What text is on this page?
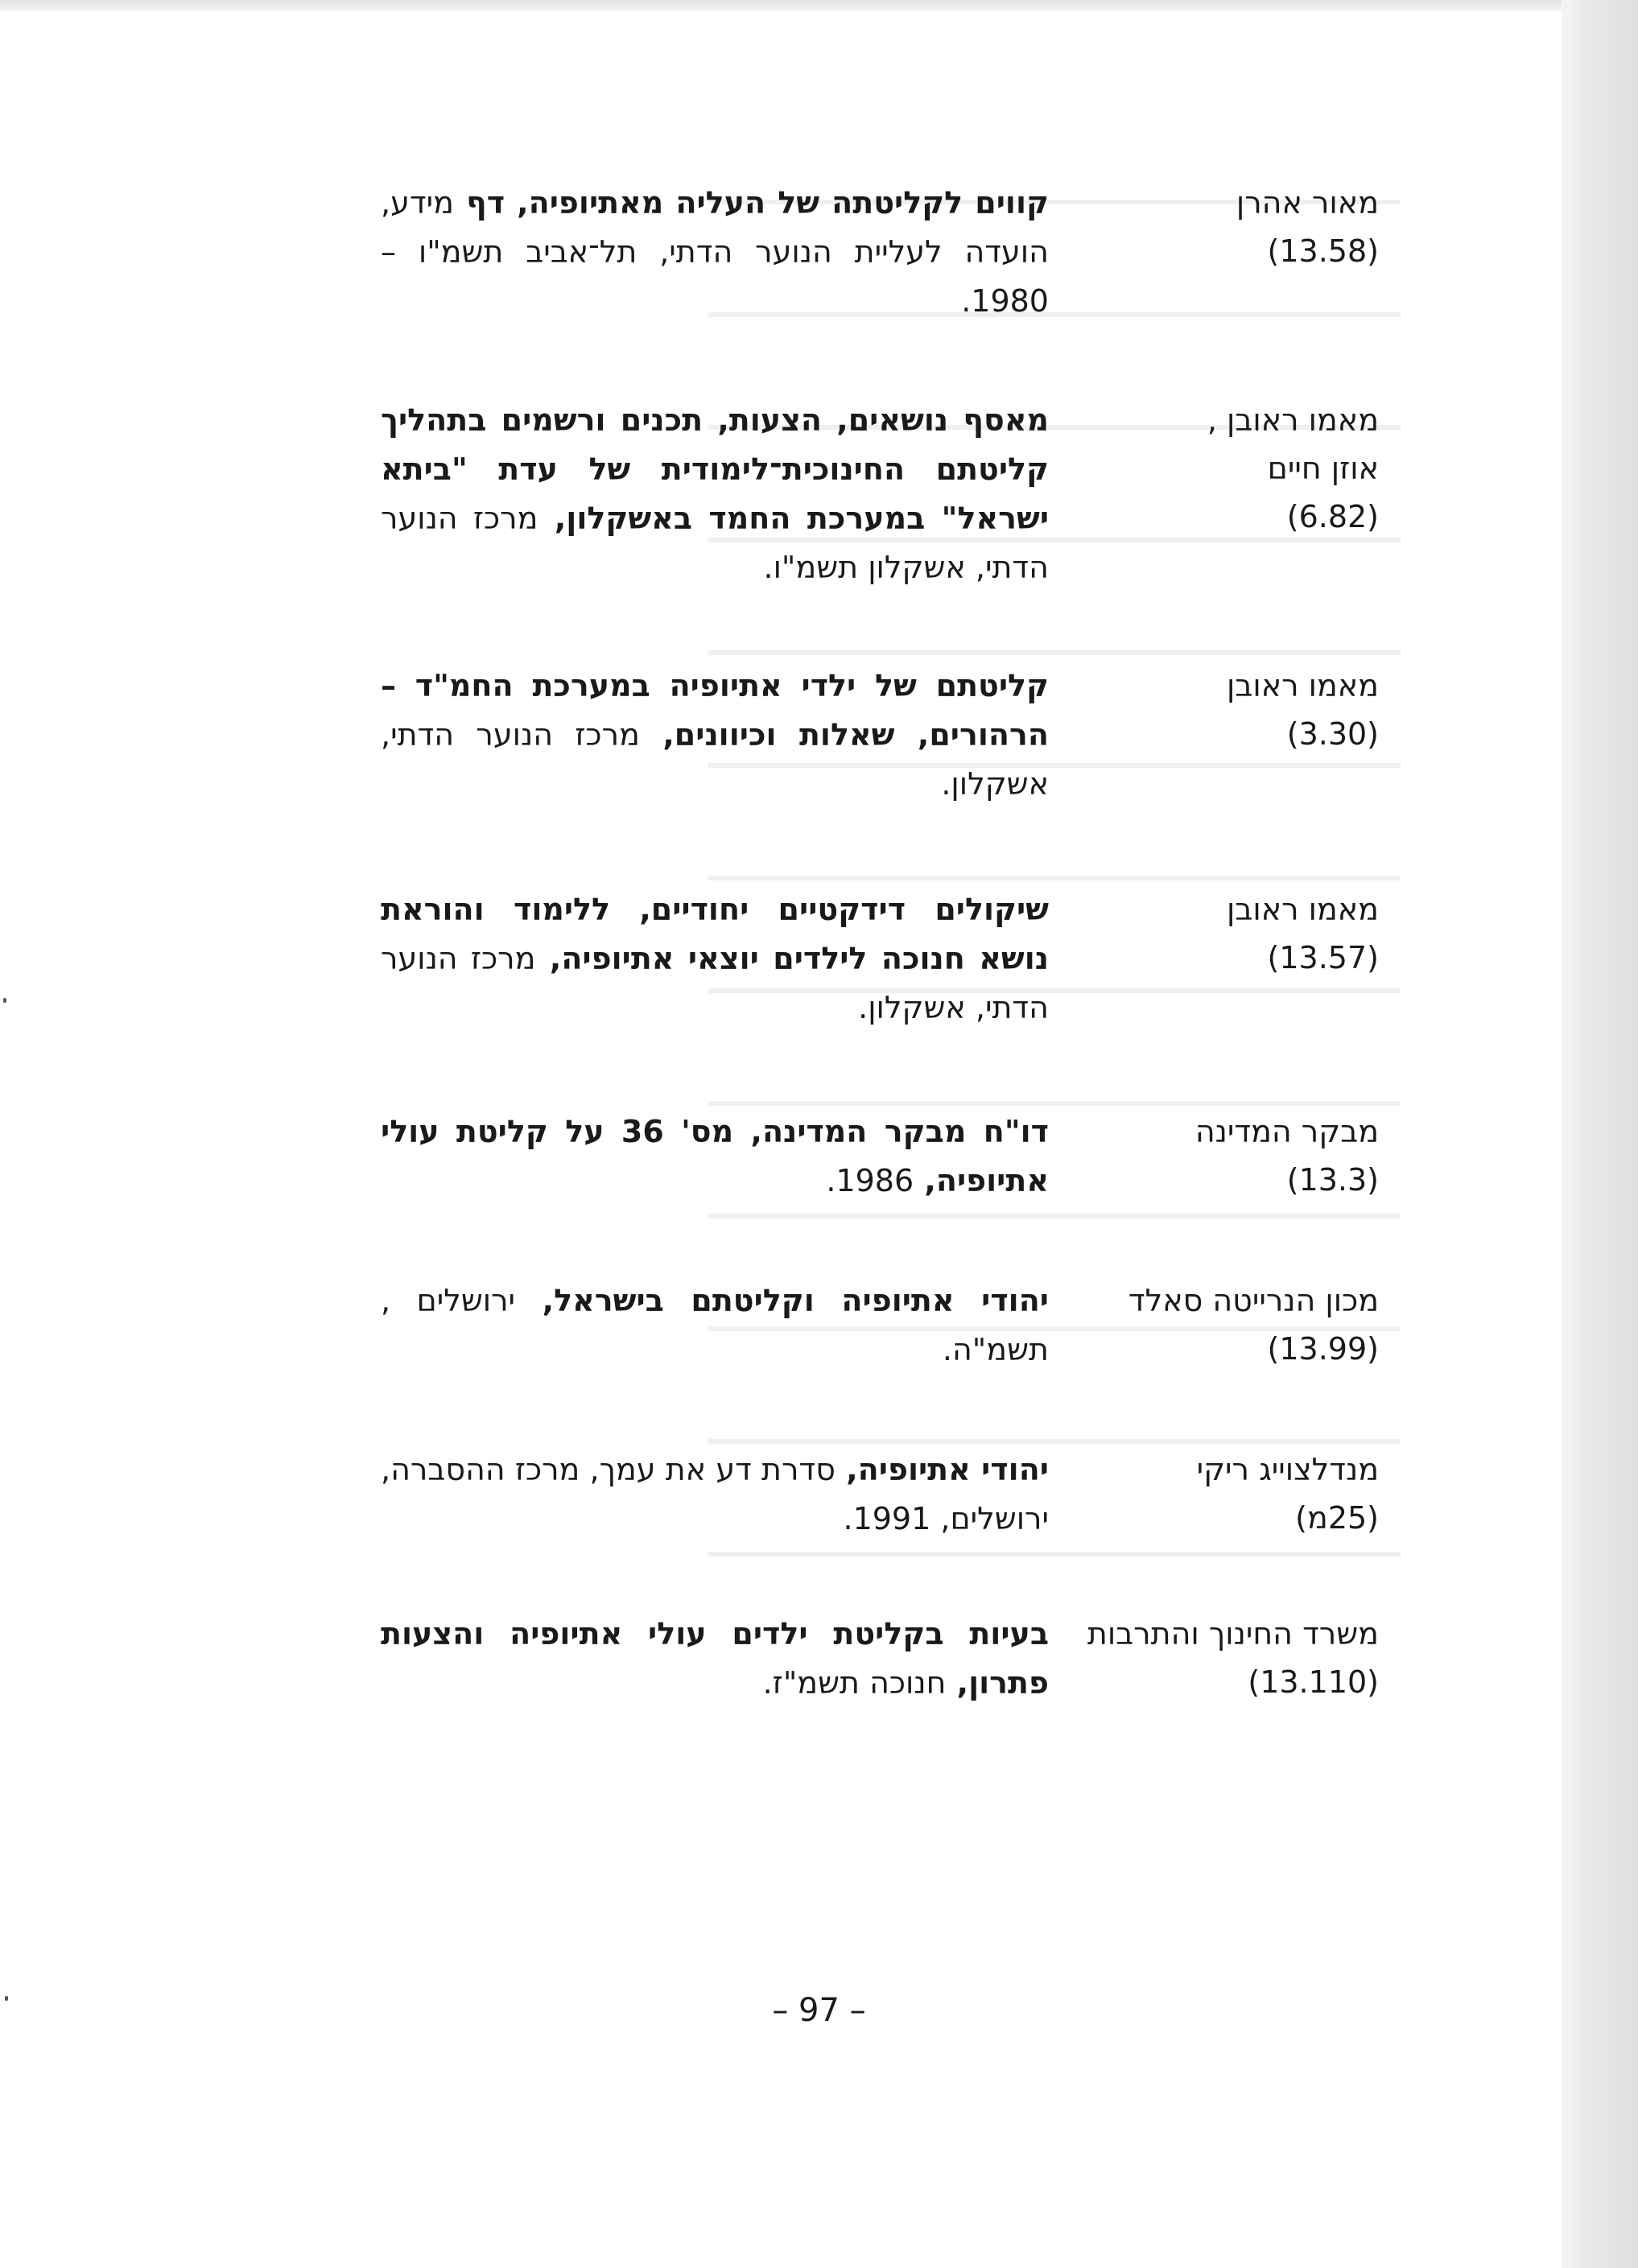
מאור אהרן
(13.58)
קווים לקליטתה של העליה מאתיופיה, דף מידע, הועדה לעליית הנוער הדתי, תל־אביב תשמ"ו – 1980.
מאמו ראובן ,
אוזן חיים
(6.82)
מאסף נושאים, הצעות, תכנים ורשמים בתהליך קליטתם החינוכית־לימודית של עדת "ביתא ישראל" במערכת החמד באשקלון, מרכז הנוער הדתי, אשקלון תשמ"ו.
מאמו ראובן
(3.30)
קליטתם של ילדי אתיופיה במערכת החמ"ד – הרהורים, שאלות וכיוונים, מרכז הנוער הדתי, אשקלון.
מאמו ראובן
(13.57)
שיקולים דידקטיים יחודיים, ללימוד והוראת נושא חנוכה לילדים יוצאי אתיופיה, מרכז הנוער הדתי, אשקלון.
מבקר המדינה
(13.3)
דו"ח מבקר המדינה, מס' 36 על קליטת עולי אתיופיה, 1986.
מכון הנרייטה סאלד
(13.99)
יהודי אתיופיה וקליטתם בישראל, ירושלים , תשמ"ה.
מנדלצוייג ריקי
(25מ)
יהודי אתיופיה, סדרת דע את עמך, מרכז ההסברה, ירושלים, 1991.
משרד החינוך והתרבות
(13.110)
בעיות בקליטת ילדים עולי אתיופיה והצעות פתרון, חנוכה תשמ"ז.
– 97 –
